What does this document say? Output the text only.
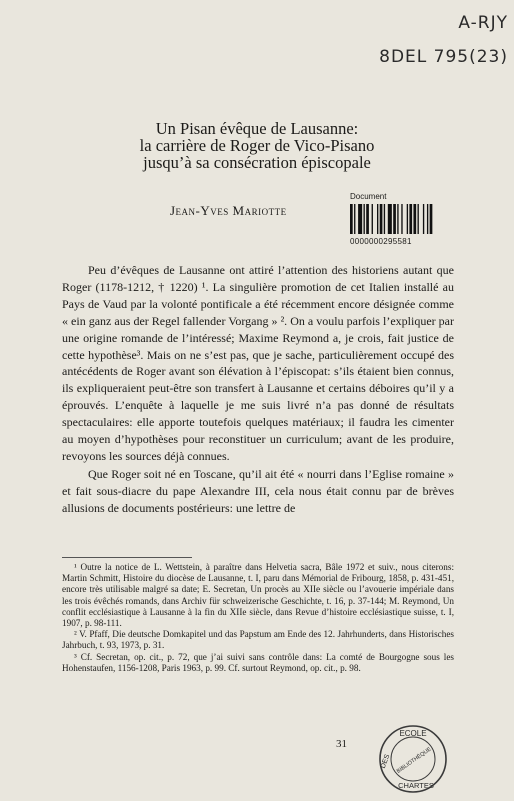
A-RJY
8DEL 795(23)
Un Pisan évêque de Lausanne:
la carrière de Roger de Vico-Pisano
jusqu’à sa consécration épiscopale
Jean-Yves Mariotte
Document
0000000295581

Peu d’évêques de Lausanne ont attiré l’attention des historiens autant que Roger (1178-1212, † 1220) ¹. La singulière promotion de cet Italien installé au Pays de Vaud par la volonté pontificale a été récemment encore désignée comme « ein ganz aus der Regel fallender Vorgang » ². On a voulu parfois l’expliquer par une origine romande de l’intéressé; Maxime Reymond a, je crois, fait justice de cette hypothèse³. Mais on ne s’est pas, que je sache, particulièrement occupé des antécédents de Roger avant son élévation à l’épiscopat: s’ils étaient bien connus, ils expliqueraient peut-être son transfert à Lausanne et certains déboires qu’il y a éprouvés. L’enquête à laquelle je me suis livré n’a pas donné de résultats spectaculaires: elle apporte toutefois quelques matériaux; il faudra les cimenter au moyen d’hypothèses pour reconstituer un curriculum; avant de les produire, revoyons les sources déjà connues.

Que Roger soit né en Toscane, qu’il ait été « nourri dans l’Eglise romaine » et fait sous-diacre du pape Alexandre III, cela nous était connu par de brèves allusions de documents postérieurs: une lettre de

¹ Outre la notice de L. Wettstein, à paraître dans Helvetia sacra, Bâle 1972 et suiv., nous citerons: Martin Schmitt, Histoire du diocèse de Lausanne, t. I, paru dans Mémorial de Fribourg, 1858, p. 431-451, encore très utilisable malgré sa date; E. Secretan, Un procès au XIIe siècle ou l’avouerie impériale dans les trois évêchés romands, dans Archiv für schweizerische Geschichte, t. 16, p. 37-144; M. Reymond, Un conflit ecclésiastique à Lausanne à la fin du XIIe siècle, dans Revue d’histoire ecclésiastique suisse, t. I, 1907, p. 98-111.

² V. Pfaff, Die deutsche Domkapitel und das Papstum am Ende des 12. Jahrhunderts, dans Historisches Jahrbuch, t. 93, 1973, p. 31.

³ Cf. Secretan, op. cit., p. 72, que j’ai suivi sans contrôle dans: La comté de Bourgogne sous les Hohenstaufen, 1156-1208, Paris 1963, p. 99. Cf. surtout Reymond, op. cit., p. 98.

31
ECOLE
DES BIBLIOTHÈQUE
CHARTES
